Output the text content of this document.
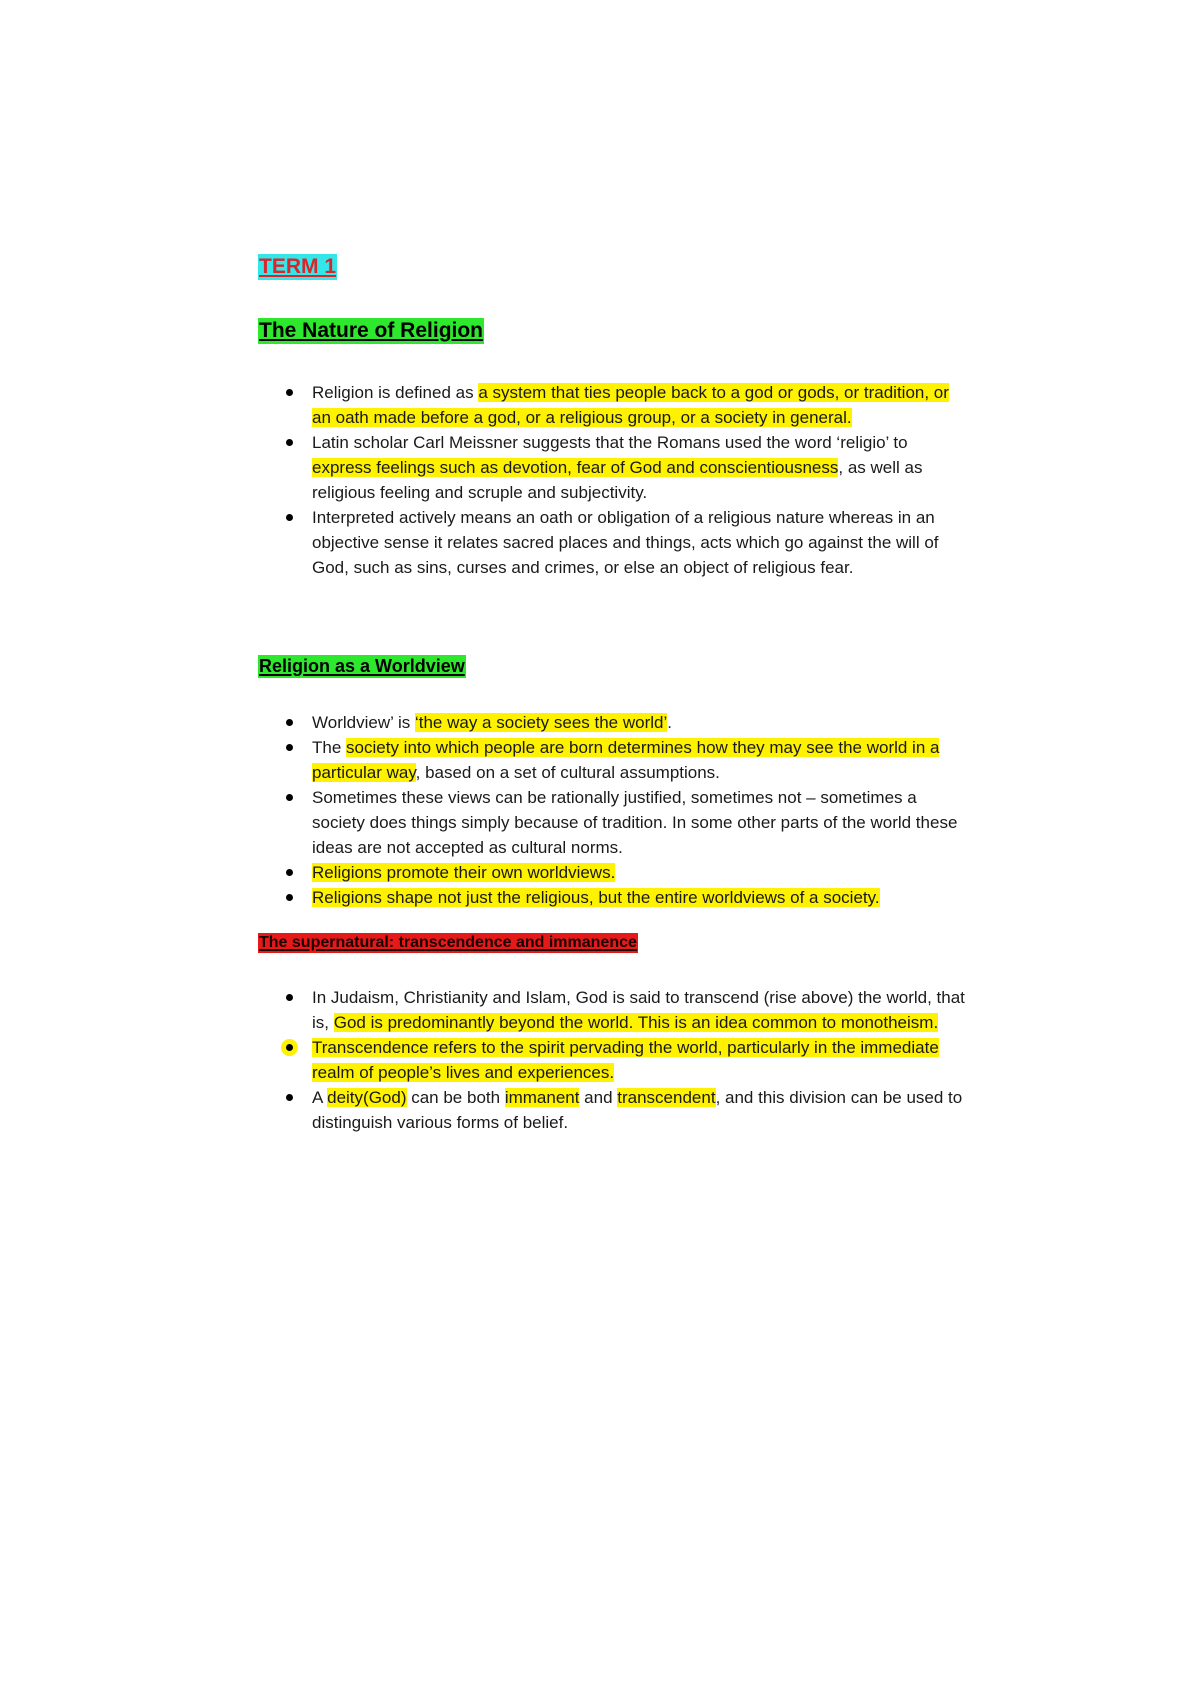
TERM 1
The Nature of Religion
Religion is defined as a system that ties people back to a god or gods, or tradition, or an oath made before a god, or a religious group, or a society in general.
Latin scholar Carl Meissner suggests that the Romans used the word ‘religio’ to express feelings such as devotion, fear of God and conscientiousness, as well as religious feeling and scruple and subjectivity.
Interpreted actively means an oath or obligation of a religious nature whereas in an objective sense it relates sacred places and things, acts which go against the will of God, such as sins, curses and crimes, or else an object of religious fear.
Religion as a Worldview
Worldview’ is ‘the way a society sees the world’.
The society into which people are born determines how they may see the world in a particular way, based on a set of cultural assumptions.
Sometimes these views can be rationally justified, sometimes not – sometimes a society does things simply because of tradition. In some other parts of the world these ideas are not accepted as cultural norms.
Religions promote their own worldviews.
Religions shape not just the religious, but the entire worldviews of a society.
The supernatural: transcendence and immanence
In Judaism, Christianity and Islam, God is said to transcend (rise above) the world, that is, God is predominantly beyond the world. This is an idea common to monotheism.
Transcendence refers to the spirit pervading the world, particularly in the immediate realm of people’s lives and experiences.
A deity(God) can be both immanent and transcendent, and this division can be used to distinguish various forms of belief.
